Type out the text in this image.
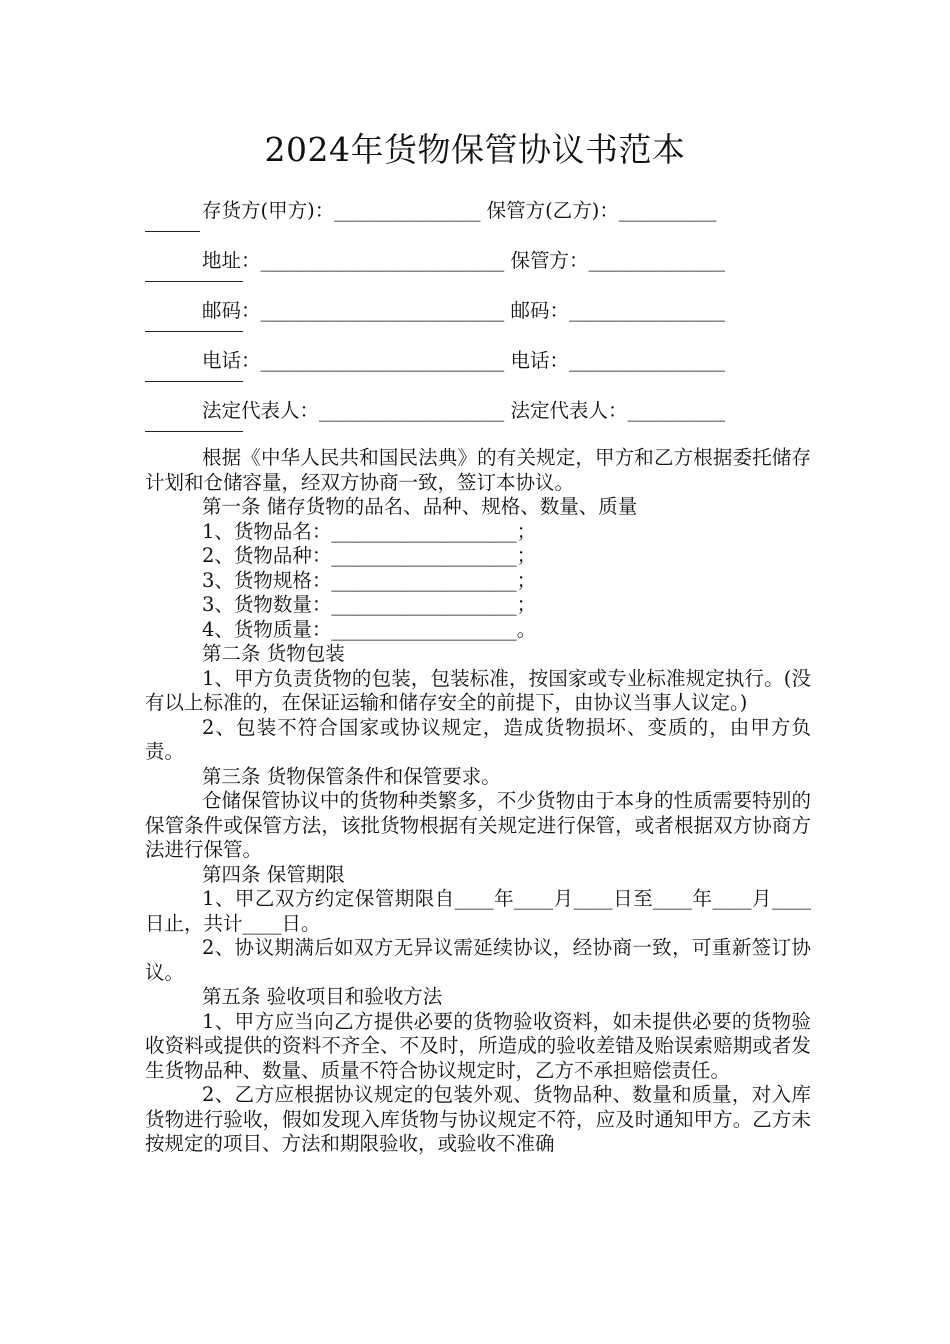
2024年货物保管协议书范本
存货方(甲方)：_______________ 保管方(乙方)：__________
地址：_________________________ 保管方：______________
邮码：_________________________ 邮码：________________
电话：_________________________ 电话：________________
法定代表人：___________________ 法定代表人：__________
根据《中华人民共和国民法典》的有关规定，甲方和乙方根据委托储存计划和仓储容量，经双方协商一致，签订本协议。
第一条 储存货物的品名、品种、规格、数量、质量
1、货物品名：___________________；
2、货物品种：___________________；
3、货物规格：___________________；
3、货物数量：___________________；
4、货物质量：___________________。
第二条 货物包装
1、甲方负责货物的包装，包装标准，按国家或专业标准规定执行。(没有以上标准的，在保证运输和储存安全的前提下，由协议当事人议定。)
2、包装不符合国家或协议规定，造成货物损坏、变质的，由甲方负责。
第三条 货物保管条件和保管要求。
仓储保管协议中的货物种类繁多，不少货物由于本身的性质需要特别的保管条件或保管方法，该批货物根据有关规定进行保管，或者根据双方协商方法进行保管。
第四条 保管期限
1、甲乙双方约定保管期限自____年____月____日至____年____月____日止，共计____日。
2、协议期满后如双方无异议需延续协议，经协商一致，可重新签订协议。
第五条 验收项目和验收方法
1、甲方应当向乙方提供必要的货物验收资料，如未提供必要的货物验收资料或提供的资料不齐全、不及时，所造成的验收差错及贻误索赔期或者发生货物品种、数量、质量不符合协议规定时，乙方不承担赔偿责任。
2、乙方应根据协议规定的包装外观、货物品种、数量和质量，对入库货物进行验收，假如发现入库货物与协议规定不符，应及时通知甲方。乙方未按规定的项目、方法和期限验收，或验收不准确
